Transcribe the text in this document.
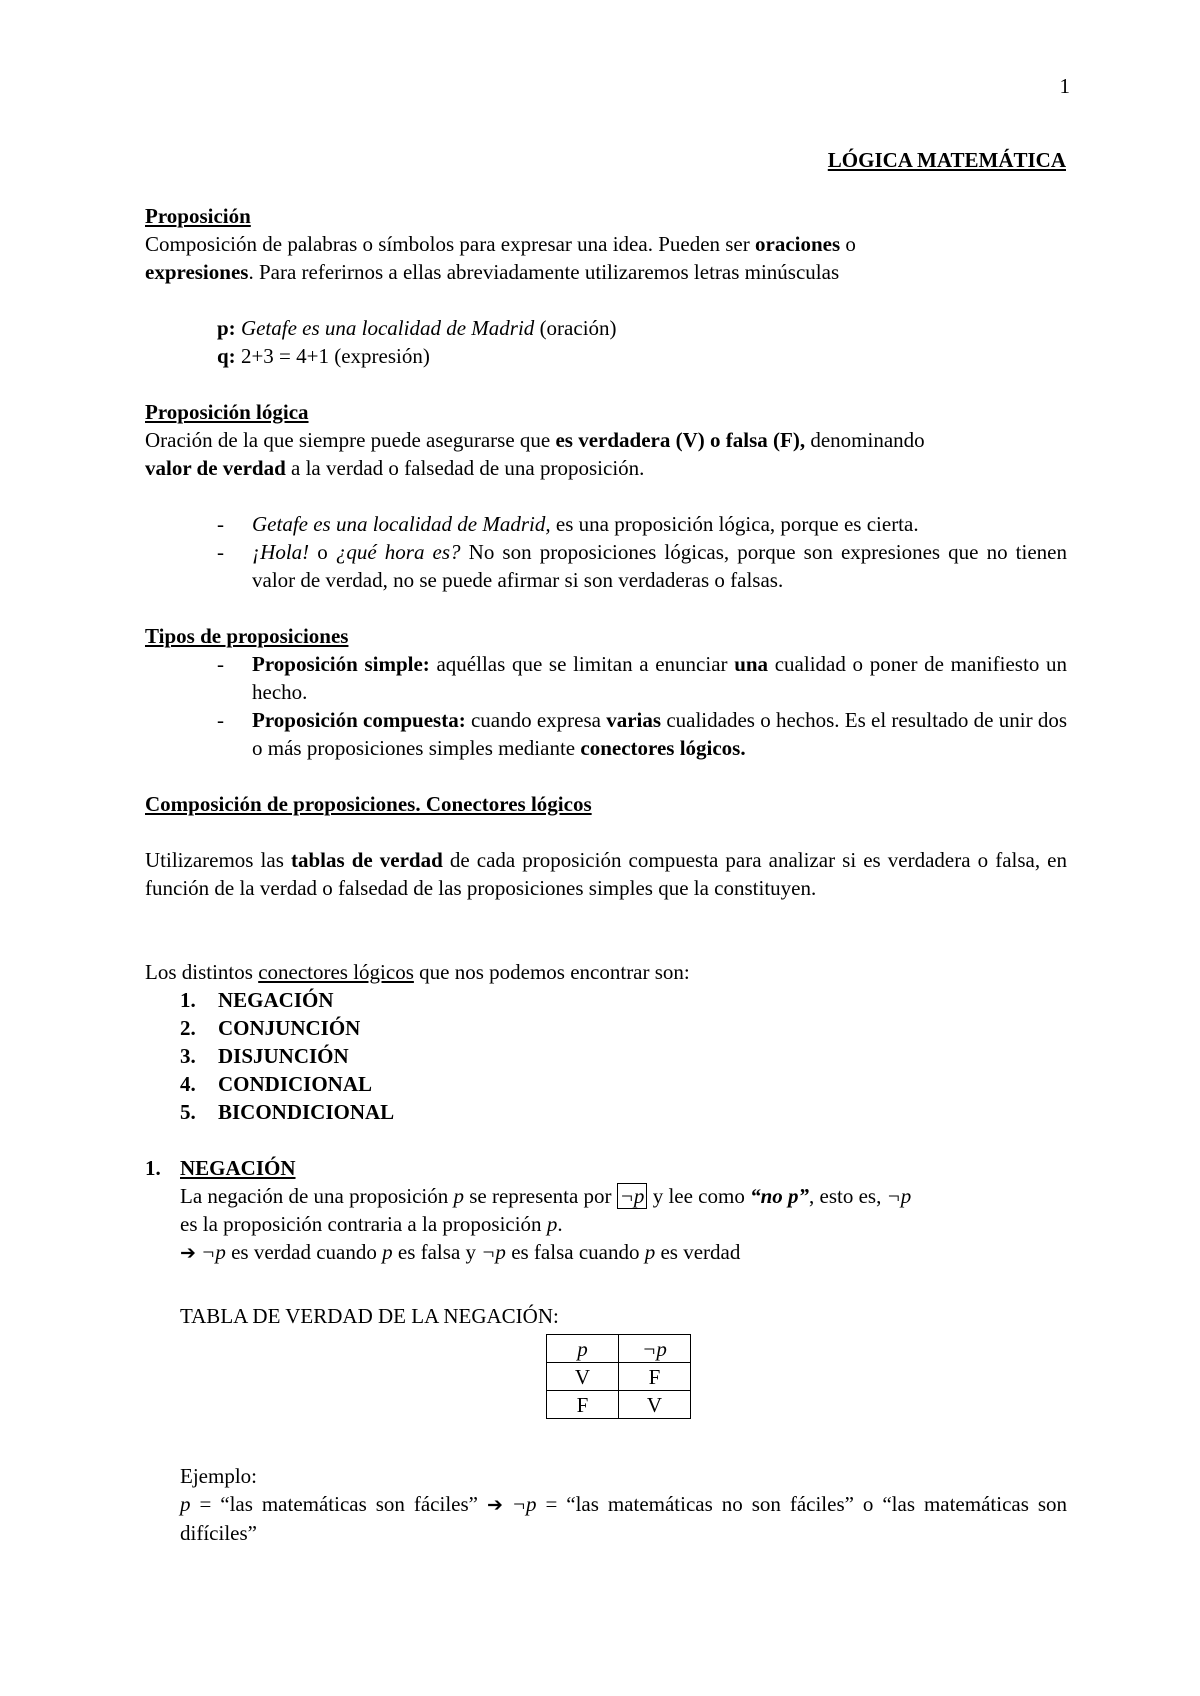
1
LÓGICA MATEMÁTICA
Proposición
Composición de palabras o símbolos para expresar una idea. Pueden ser oraciones o
expresiones. Para referirnos a ellas abreviadamente utilizaremos letras minúsculas
p: Getafe es una localidad de Madrid (oración)
q: 2+3 = 4+1 (expresión)
Proposición lógica
Oración de la que siempre puede asegurarse que es verdadera (V) o falsa (F), denominando
valor de verdad a la verdad o falsedad de una proposición.
- Getafe es una localidad de Madrid, es una proposición lógica, porque es cierta.
- ¡Hola! o ¿qué hora es? No son proposiciones lógicas, porque son expresiones que no tienen valor de verdad, no se puede afirmar si son verdaderas o falsas.
Tipos de proposiciones
- Proposición simple: aquéllas que se limitan a enunciar una cualidad o poner de manifiesto un hecho.
- Proposición compuesta: cuando expresa varias cualidades o hechos. Es el resultado de unir dos o más proposiciones simples mediante conectores lógicos.
Composición de proposiciones. Conectores lógicos
Utilizaremos las tablas de verdad de cada proposición compuesta para analizar si es verdadera o falsa, en función de la verdad o falsedad de las proposiciones simples que la constituyen.
Los distintos conectores lógicos que nos podemos encontrar son:
1. NEGACIÓN
2. CONJUNCIÓN
3. DISJUNCIÓN
4. CONDICIONAL
5. BICONDICIONAL
1. NEGACIÓN
La negación de una proposición p se representa por ¬p y lee como “no p”, esto es, ¬p
es la proposición contraria a la proposición p.
➔ ¬p es verdad cuando p es falsa y ¬p es falsa cuando p es verdad
TABLA DE VERDAD DE LA NEGACIÓN:
p	¬p
V	F
F	V
Ejemplo:
p = “las matemáticas son fáciles” ➔ ¬p = “las matemáticas no son fáciles” o “las matemáticas son difíciles”
